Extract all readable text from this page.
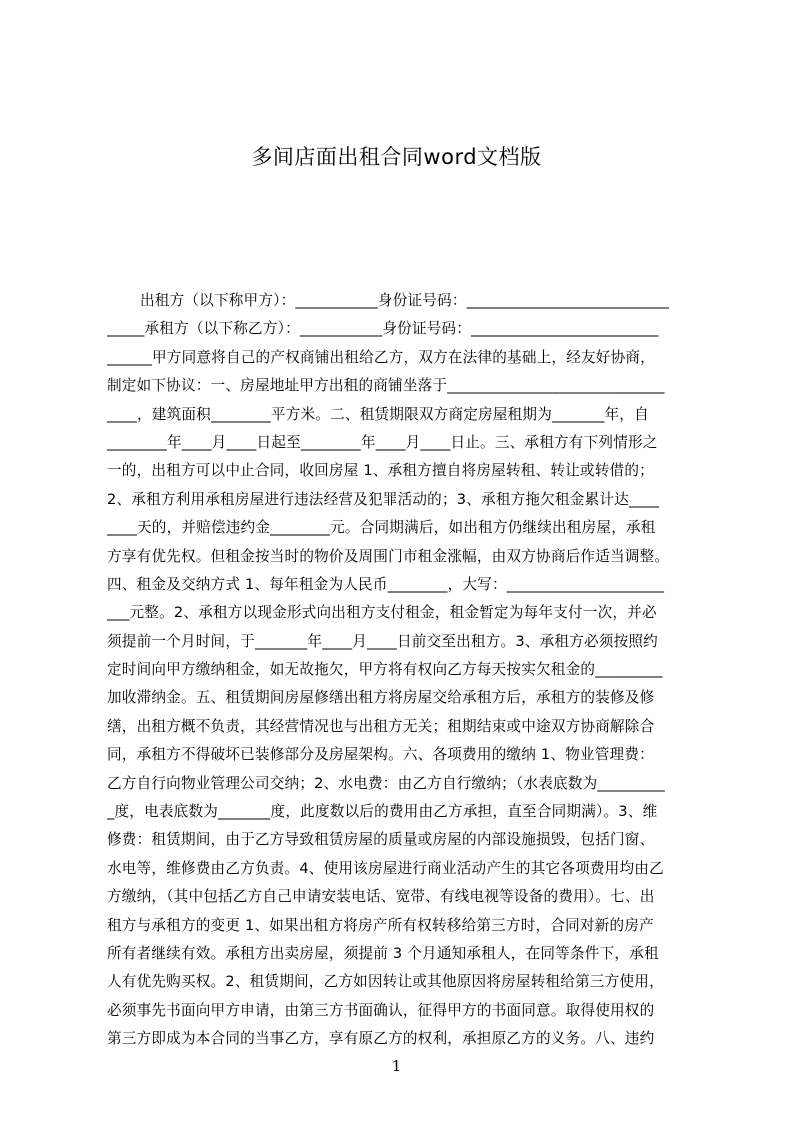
多间店面出租合同word文档版
出租方（以下称甲方）：___________身份证号码：___________________________
_____承租方（以下称乙方）：___________身份证号码：_________________________
______甲方同意将自己的产权商铺出租给乙方，双方在法律的基础上，经友好协商，
制定如下协议：一、房屋地址甲方出租的商铺坐落于_____________________________
____，建筑面积________平方米。二、租赁期限双方商定房屋租期为_______年，自
________年____月____日起至________年____月____日止。三、承租方有下列情形之
一的，出租方可以中止合同，收回房屋 1、承租方擅自将房屋转租、转让或转借的；
2、承租方利用承租房屋进行违法经营及犯罪活动的；3、承租方拖欠租金累计达____
____天的，并赔偿违约金________元。合同期满后，如出租方仍继续出租房屋，承租
方享有优先权。但租金按当时的物价及周围门市租金涨幅，由双方协商后作适当调整。
四、租金及交纳方式 1、每年租金为人民币________，大写：_____________________
___元整。2、承租方以现金形式向出租方支付租金，租金暂定为每年支付一次，并必
须提前一个月时间，于_______年____月____日前交至出租方。3、承租方必须按照约
定时间向甲方缴纳租金，如无故拖欠，甲方将有权向乙方每天按实欠租金的_________
加收滞纳金。五、租赁期间房屋修缮出租方将房屋交给承租方后，承租方的装修及修
缮，出租方概不负责，其经营情况也与出租方无关；租期结束或中途双方协商解除合
同，承租方不得破坏已装修部分及房屋架构。六、各项费用的缴纳 1、物业管理费：
乙方自行向物业管理公司交纳；2、水电费：由乙方自行缴纳；（水表底数为_________
_度，电表底数为_______度，此度数以后的费用由乙方承担，直至合同期满）。3、维
修费：租赁期间，由于乙方导致租赁房屋的质量或房屋的内部设施损毁，包括门窗、
水电等，维修费由乙方负责。4、使用该房屋进行商业活动产生的其它各项费用均由乙
方缴纳，（其中包括乙方自己申请安装电话、宽带、有线电视等设备的费用）。七、出
租方与承租方的变更 1、如果出租方将房产所有权转移给第三方时，合同对新的房产
所有者继续有效。承租方出卖房屋，须提前 3 个月通知承租人，在同等条件下，承租
人有优先购买权。2、租赁期间，乙方如因转让或其他原因将房屋转租给第三方使用，
必须事先书面向甲方申请，由第三方书面确认，征得甲方的书面同意。取得使用权的
第三方即成为本合同的当事乙方，享有原乙方的权利，承担原乙方的义务。八、违约
1
